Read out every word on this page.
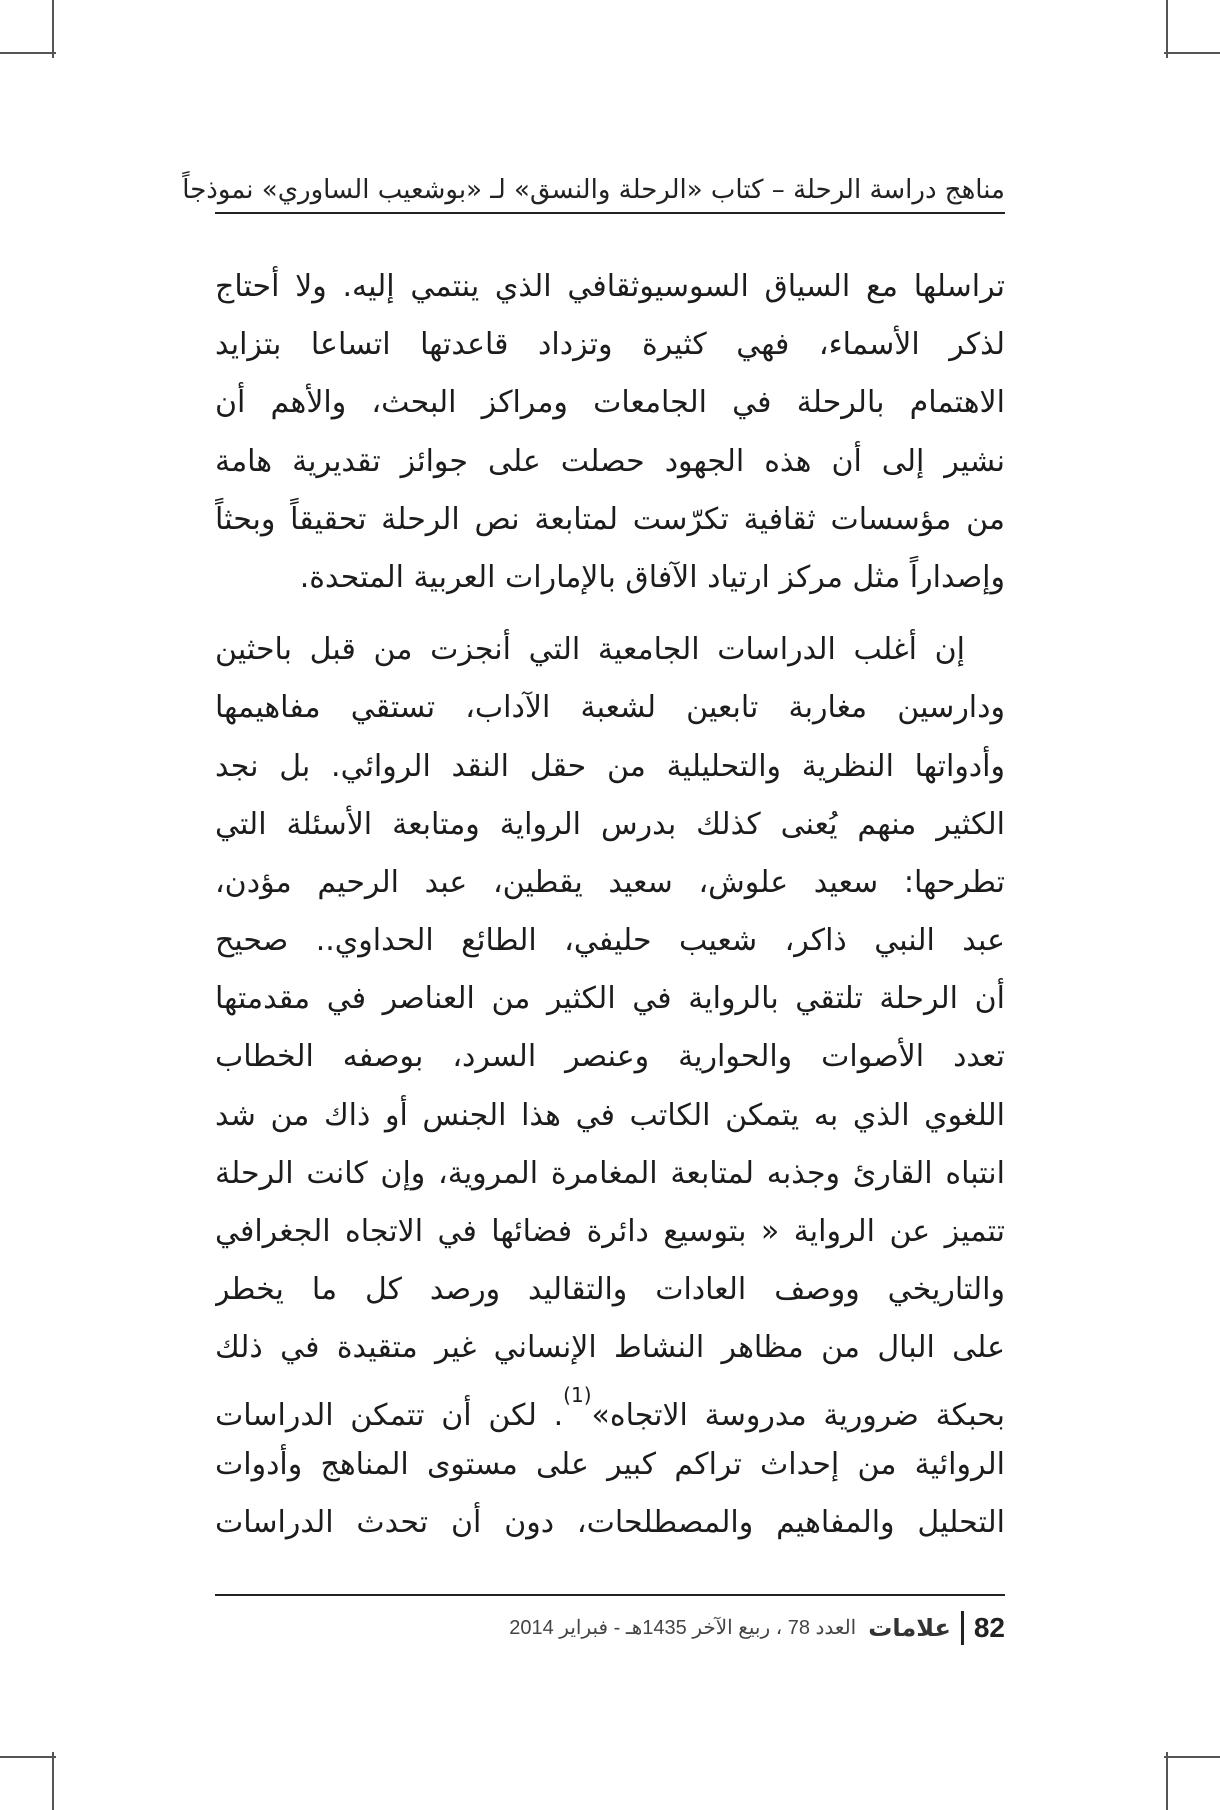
مناهج دراسة الرحلة – كتاب «الرحلة والنسق» لـ «بوشعيب الساوري» نموذجاً
تراسلها مع السياق السوسيوثقافي الذي ينتمي إليه. ولا أحتاج
لذكر الأسماء، فهي كثيرة وتزداد قاعدتها اتساعا بتزايد
الاهتمام بالرحلة في الجامعات ومراكز البحث، والأهم أن
نشير إلى أن هذه الجهود حصلت على جوائز تقديرية هامة
من مؤسسات ثقافية تكرّست لمتابعة نص الرحلة تحقيقاً وبحثاً
وإصداراً مثل مركز ارتياد الآفاق بالإمارات العربية المتحدة.
إن أغلب الدراسات الجامعية التي أنجزت من قبل باحثين
ودارسين مغاربة تابعين لشعبة الآداب، تستقي مفاهيمها
وأدواتها النظرية والتحليلية من حقل النقد الروائي. بل نجد
الكثير منهم يُعنى كذلك بدرس الرواية ومتابعة الأسئلة التي
تطرحها: سعيد علوش، سعيد يقطين، عبد الرحيم مؤدن،
عبد النبي ذاكر، شعيب حليفي، الطائع الحداوي.. صحيح
أن الرحلة تلتقي بالرواية في الكثير من العناصر في مقدمتها
تعدد الأصوات والحوارية وعنصر السرد، بوصفه الخطاب
اللغوي الذي به يتمكن الكاتب في هذا الجنس أو ذاك من شد
انتباه القارئ وجذبه لمتابعة المغامرة المروية، وإن كانت الرحلة
تتميز عن الرواية « بتوسيع دائرة فضائها في الاتجاه الجغرافي
والتاريخي ووصف العادات والتقاليد ورصد كل ما يخطر
على البال من مظاهر النشاط الإنساني غير متقيدة في ذلك
بحبكة ضرورية مدروسة الاتجاه»$^{(1)}$. لكن أن تتمكن الدراسات
الروائية من إحداث تراكم كبير على مستوى المناهج وأدوات
التحليل والمفاهيم والمصطلحات، دون أن تحدث الدراسات
82علاماتالعدد 78 ، ربيع الآخر 1435هـ - فبراير 2014
